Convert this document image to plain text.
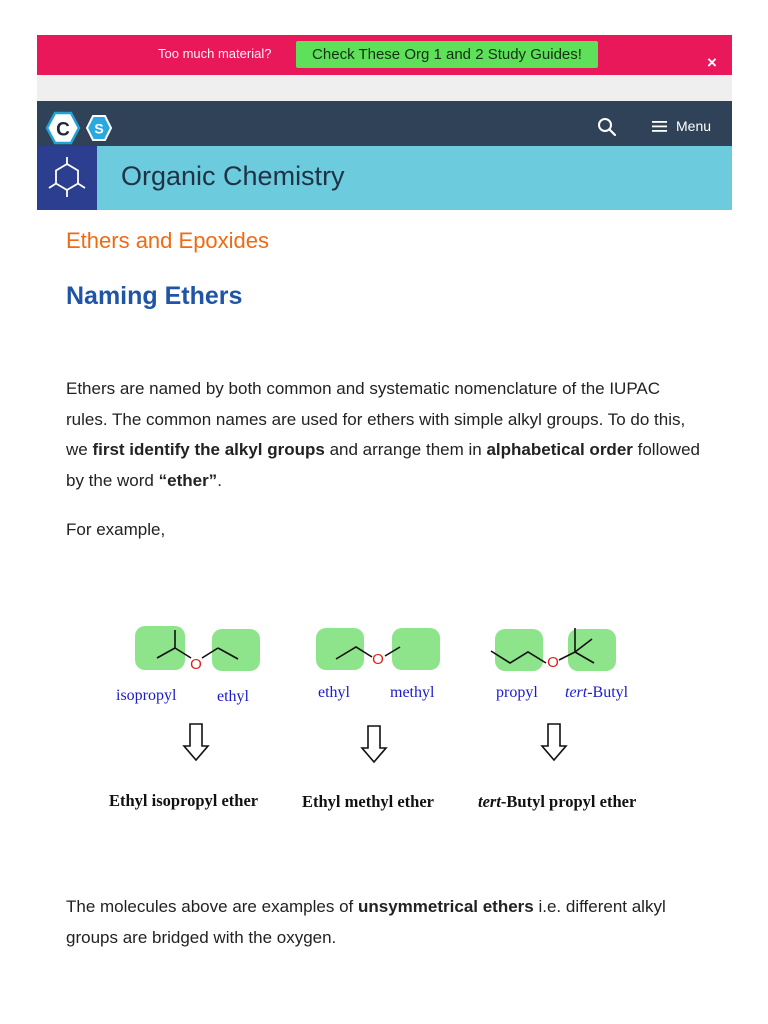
Too much material?	Check These Org 1 and 2 Study Guides!	×
C S	Menu
Organic Chemistry
Ethers and Epoxides
Naming Ethers

Ethers are named by both common and systematic nomenclature of the IUPAC rules. The common names are used for ethers with simple alkyl groups. To do this, we first identify the alkyl groups and arrange them in alphabetical order followed by the word “ether”.

For example,

O
isopropyl	ethyl
O
ethyl	methyl
O
propyl tert-Butyl
Ethyl isopropyl ether	Ethyl methyl ether	tert-Butyl propyl ether

The molecules above are examples of unsymmetrical ethers i.e. different alkyl groups are bridged with the oxygen.
